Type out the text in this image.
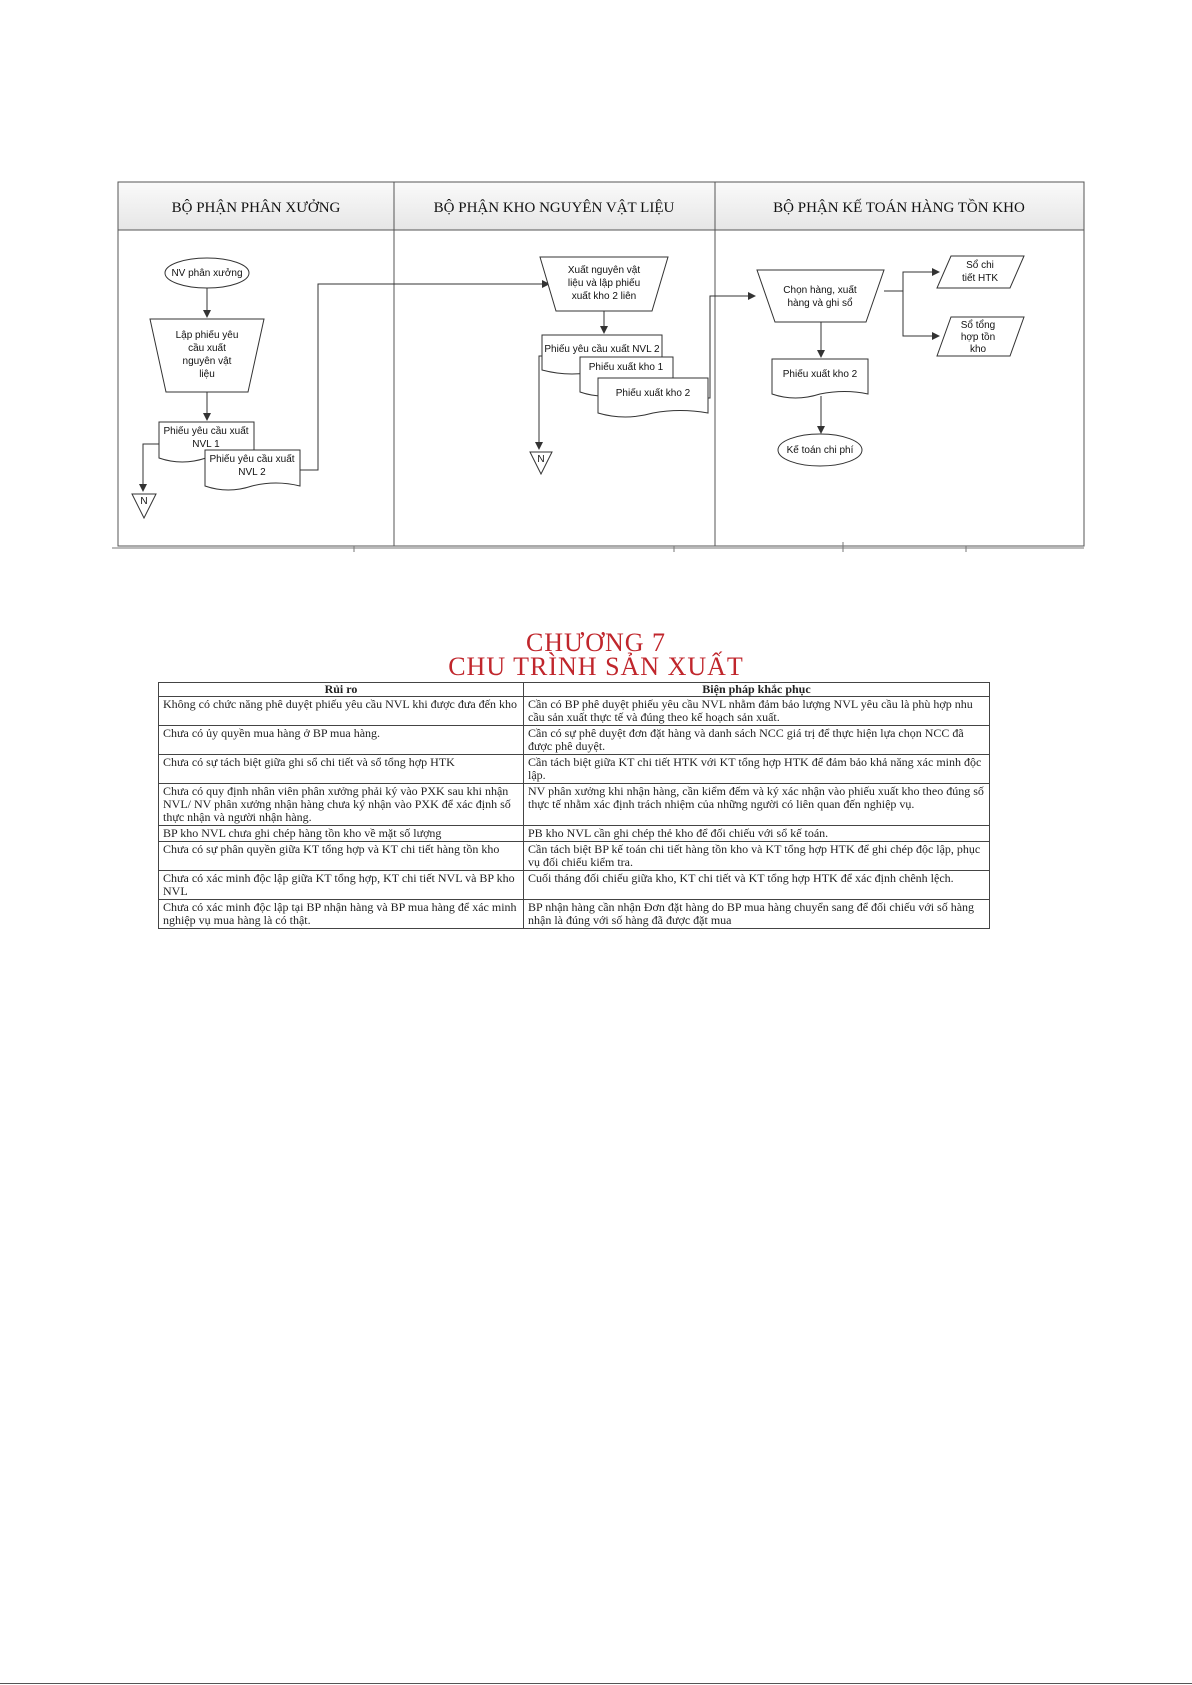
BỘ PHẬN PHÂN XƯỞNG	BỘ PHẬN KHO NGUYÊN VẬT LIỆU	BỘ PHẬN KẾ TOÁN HÀNG TỒN KHO
NV phân xưởng
Lập phiếu yêu
cầu xuất
nguyên vật
liệu
Phiếu yêu cầu xuất
NVL 1
Phiếu yêu cầu xuất
NVL 2
N
Xuất nguyên vật
liệu và lập phiếu
xuất kho 2 liên
Phiếu yêu cầu xuất NVL 2
Phiếu xuất kho 1
Phiếu xuất kho 2
N
Chọn hàng, xuất
hàng và ghi sổ
Sổ chi
tiết HTK
Sổ tổng
hợp tồn
kho
Phiếu xuất kho 2
Kế toán chi phí
CHƯƠNG 7
CHU TRÌNH SẢN XUẤT
Rủi ro	Biện pháp khắc phục
Không có chức năng phê duyệt phiếu yêu cầu NVL khi được đưa đến kho	Cần có BP phê duyệt phiếu yêu cầu NVL nhằm đảm bảo lượng NVL yêu cầu là phù hợp nhu cầu sản xuất thực tế và đúng theo kế hoạch sản xuất.
Chưa có ủy quyền mua hàng ở BP mua hàng.	Cần có sự phê duyệt đơn đặt hàng và danh sách NCC giá trị để thực hiện lựa chọn NCC đã được phê duyệt.
Chưa có sự tách biệt giữa ghi sổ chi tiết và sổ tổng hợp HTK	Cần tách biệt giữa KT chi tiết HTK với KT tổng hợp HTK để đảm bảo khả năng xác minh độc lập.
Chưa có quy định nhân viên phân xưởng phải ký vào PXK sau khi nhận NVL/ NV phân xưởng nhận hàng chưa ký nhận vào PXK để xác định số thực nhận và người nhận hàng.	NV phân xưởng khi nhận hàng, cần kiểm đếm và ký xác nhận vào phiếu xuất kho theo đúng số thực tế nhằm xác định trách nhiệm của những người có liên quan đến nghiệp vụ.
BP kho NVL chưa ghi chép hàng tồn kho về mặt số lượng	PB kho NVL cần ghi chép thẻ kho để đối chiếu với sổ kế toán.
Chưa có sự phân quyền giữa KT tổng hợp và KT chi tiết hàng tồn kho	Cần tách biệt BP kế toán chi tiết hàng tồn kho và KT tổng hợp HTK để ghi chép độc lập, phục vụ đối chiếu kiểm tra.
Chưa có xác minh độc lập giữa KT tổng hợp, KT chi tiết NVL và BP kho NVL	Cuối tháng đối chiếu giữa kho, KT chi tiết và KT tổng hợp HTK để xác định chênh lệch.
Chưa có xác minh độc lập tại BP nhận hàng và BP mua hàng để xác minh nghiệp vụ mua hàng là có thật.	BP nhận hàng cần nhận Đơn đặt hàng do BP mua hàng chuyển sang để đối chiếu với số hàng nhận là đúng với số hàng đã được đặt mua
